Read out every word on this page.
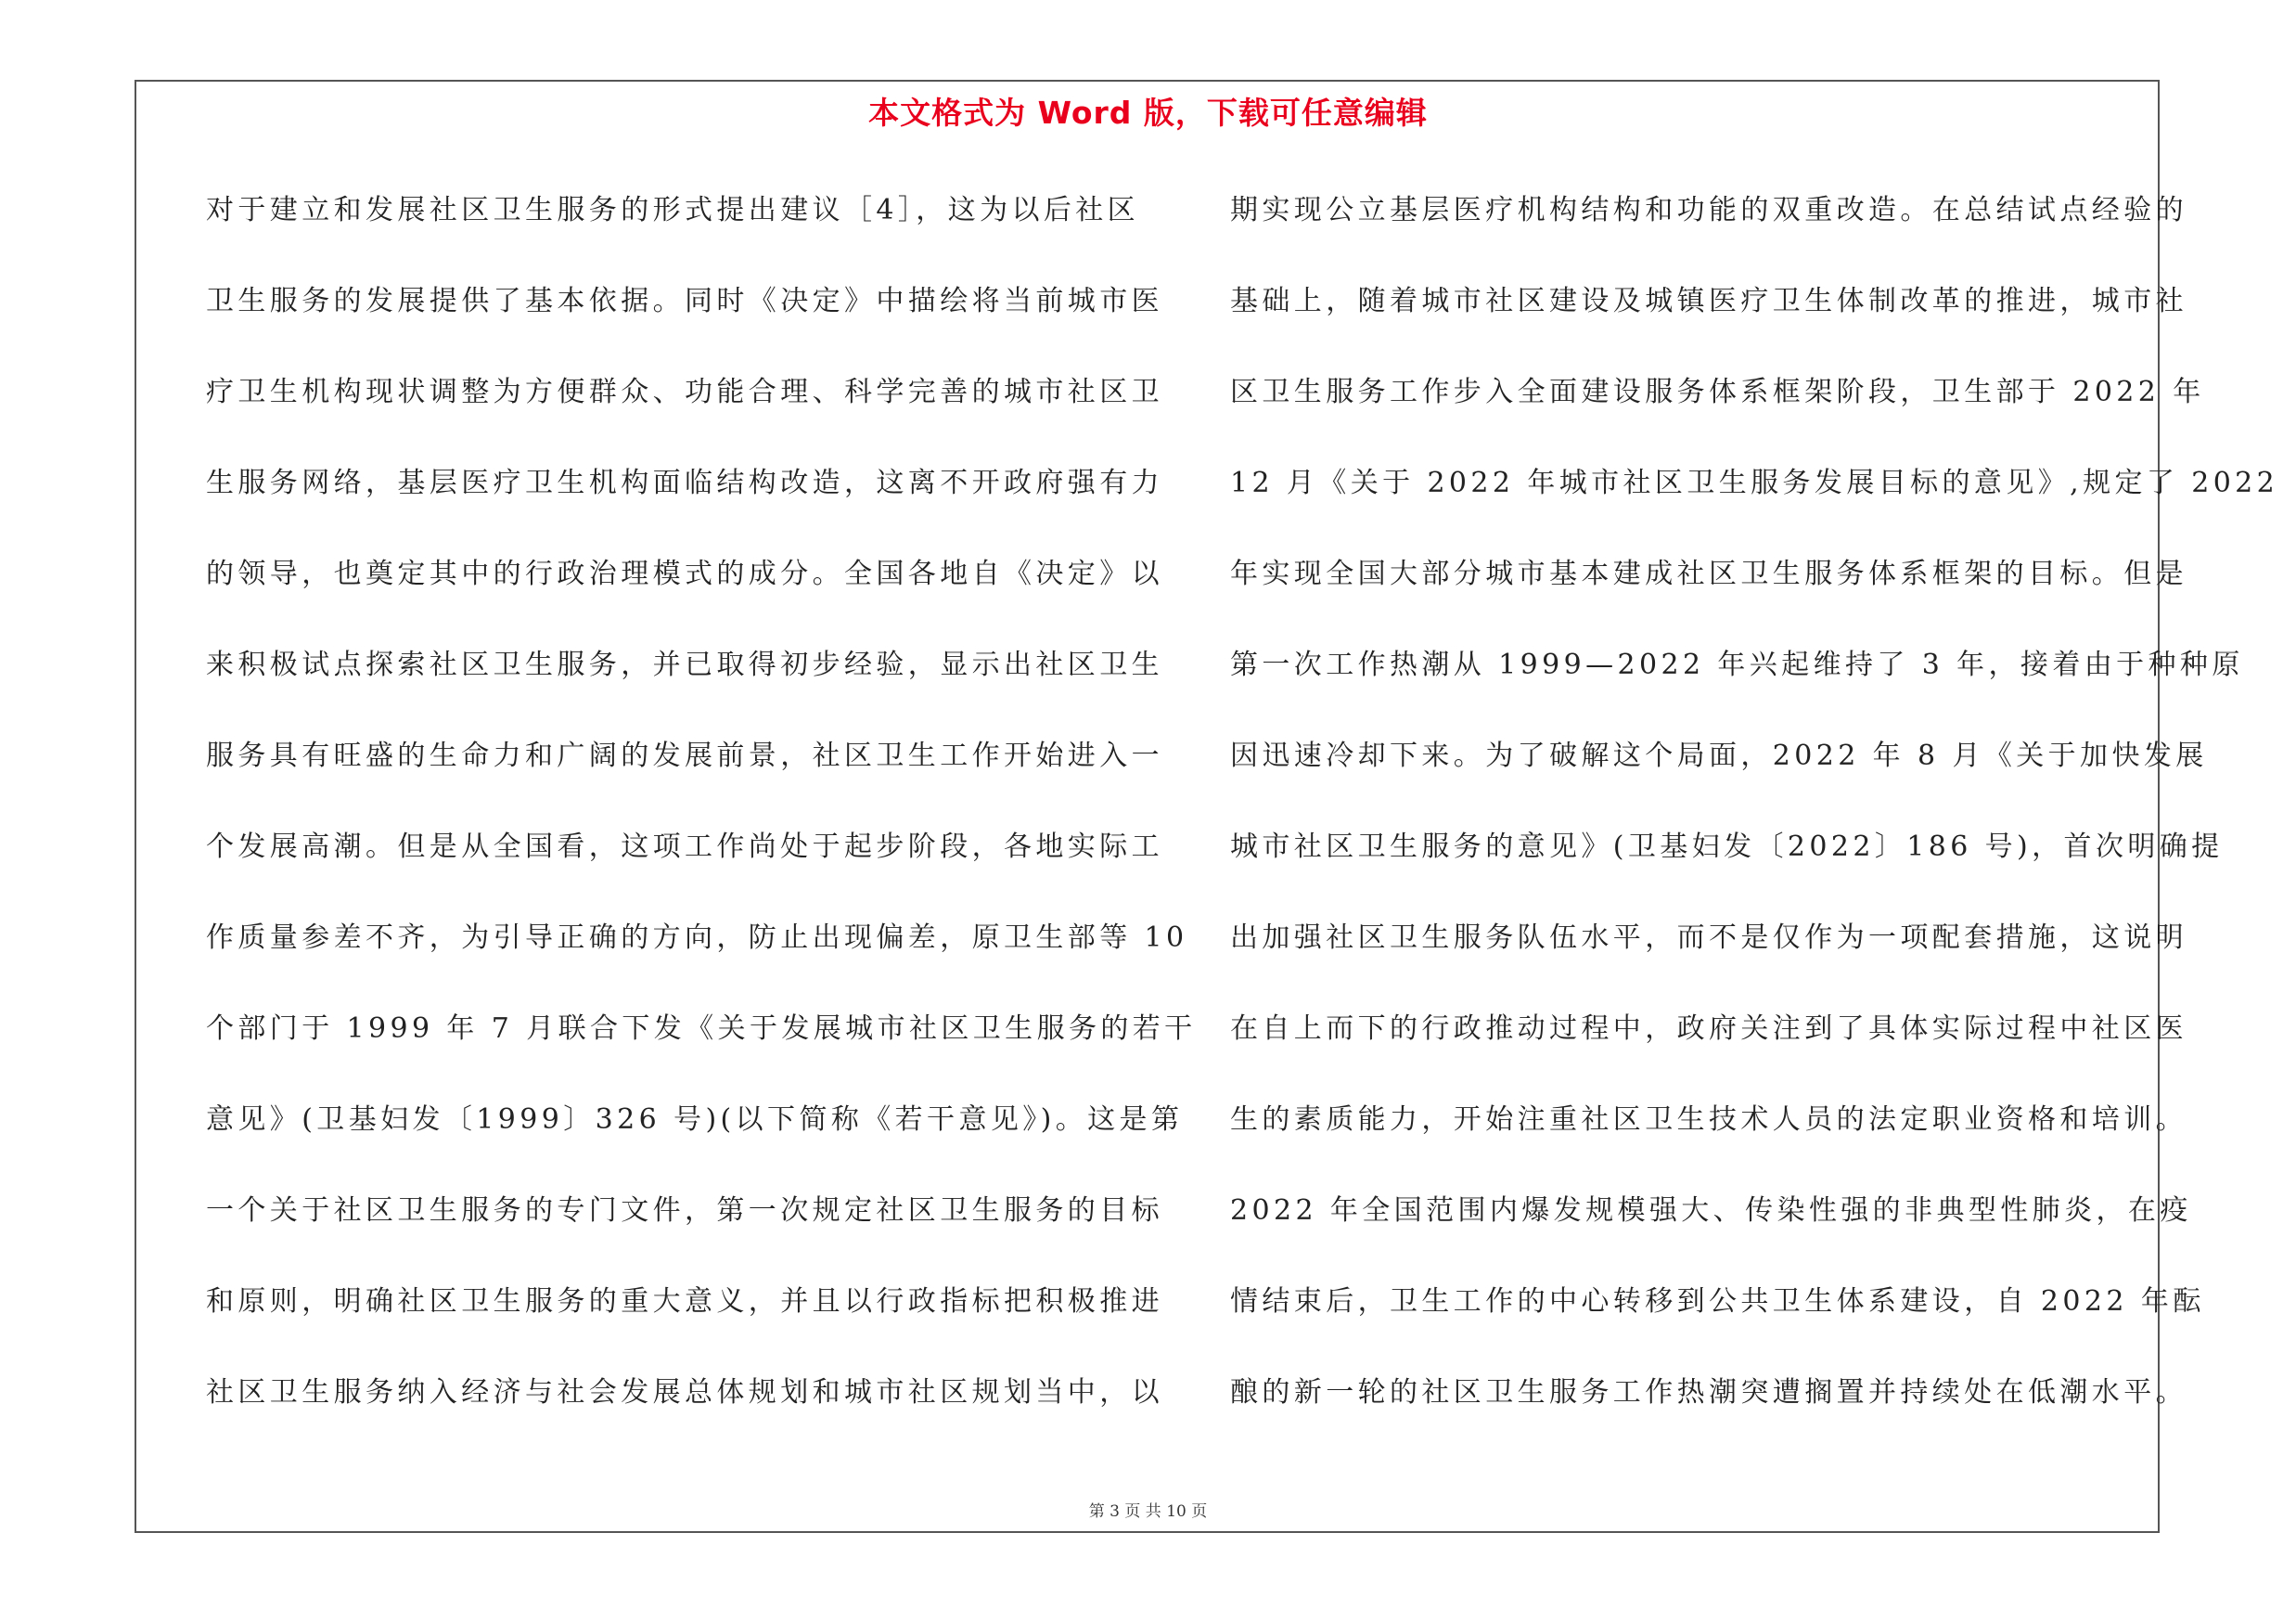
本文格式为 Word 版，下载可任意编辑
对于建立和发展社区卫生服务的形式提出建议［4］，这为以后社区
卫生服务的发展提供了基本依据。同时《决定》中描绘将当前城市医
疗卫生机构现状调整为方便群众、功能合理、科学完善的城市社区卫
生服务网络，基层医疗卫生机构面临结构改造，这离不开政府强有力
的领导，也奠定其中的行政治理模式的成分。全国各地自《决定》以
来积极试点探索社区卫生服务，并已取得初步经验，显示出社区卫生
服务具有旺盛的生命力和广阔的发展前景，社区卫生工作开始进入一
个发展高潮。但是从全国看，这项工作尚处于起步阶段，各地实际工
作质量参差不齐，为引导正确的方向，防止出现偏差，原卫生部等 10
个部门于 1999 年 7 月联合下发《关于发展城市社区卫生服务的若干
意见》(卫基妇发〔1999〕326 号)(以下简称《若干意见》)。这是第
一个关于社区卫生服务的专门文件，第一次规定社区卫生服务的目标
和原则，明确社区卫生服务的重大意义，并且以行政指标把积极推进
社区卫生服务纳入经济与社会发展总体规划和城市社区规划当中，以
期实现公立基层医疗机构结构和功能的双重改造。在总结试点经验的
基础上，随着城市社区建设及城镇医疗卫生体制改革的推进，城市社
区卫生服务工作步入全面建设服务体系框架阶段，卫生部于 2022 年
12 月《关于 2022 年城市社区卫生服务发展目标的意见》,规定了 2022
年实现全国大部分城市基本建成社区卫生服务体系框架的目标。但是
第一次工作热潮从 1999—2022 年兴起维持了 3 年，接着由于种种原
因迅速冷却下来。为了破解这个局面，2022 年 8 月《关于加快发展
城市社区卫生服务的意见》(卫基妇发〔2022〕186 号)，首次明确提
出加强社区卫生服务队伍水平，而不是仅作为一项配套措施，这说明
在自上而下的行政推动过程中，政府关注到了具体实际过程中社区医
生的素质能力，开始注重社区卫生技术人员的法定职业资格和培训。
2022 年全国范围内爆发规模强大、传染性强的非典型性肺炎，在疫
情结束后，卫生工作的中心转移到公共卫生体系建设，自 2022 年酝
酿的新一轮的社区卫生服务工作热潮突遭搁置并持续处在低潮水平。
第 3 页 共 10 页
